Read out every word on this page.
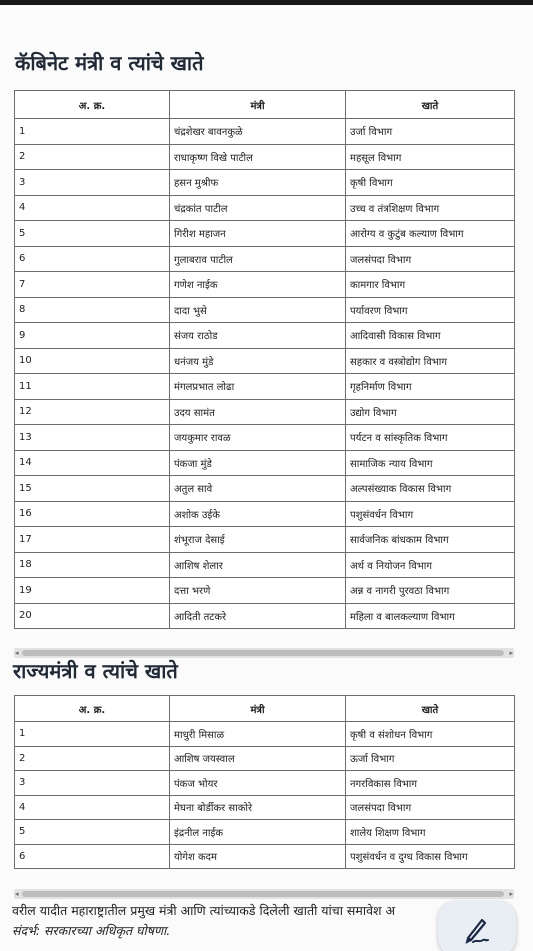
कॅबिनेट मंत्री व त्यांचे खाते
अ. क्र.	मंत्री	खाते
1	चंद्रशेखर बावनकुळे	उर्जा विभाग
2	राधाकृष्ण विखे पाटील	महसूल विभाग
3	हसन मुश्रीफ	कृषी विभाग
4	चंद्रकांत पाटील	उच्च व तंत्रशिक्षण विभाग
5	गिरीश महाजन	आरोग्य व कुटुंब कल्याण विभाग
6	गुलाबराव पाटील	जलसंपदा विभाग
7	गणेश नाईक	कामगार विभाग
8	दादा भुसे	पर्यावरण विभाग
9	संजय राठोड	आदिवासी विकास विभाग
10	धनंजय मुंडे	सहकार व वस्त्रोद्योग विभाग
11	मंगलप्रभात लोढा	गृहनिर्माण विभाग
12	उदय सामंत	उद्योग विभाग
13	जयकुमार रावळ	पर्यटन व सांस्कृतिक विभाग
14	पंकजा मुंडे	सामाजिक न्याय विभाग
15	अतुल सावे	अल्पसंख्याक विकास विभाग
16	अशोक उईके	पशुसंवर्धन विभाग
17	शंभूराज देसाई	सार्वजनिक बांधकाम विभाग
18	आशिष शेलार	अर्थ व नियोजन विभाग
19	दत्ता भरणे	अन्न व नागरी पुरवठा विभाग
20	आदिती तटकरे	महिला व बालकल्याण विभाग
◂	▸
राज्यमंत्री व त्यांचे खाते
अ. क्र.	मंत्री	खाते
1	माधुरी मिसाळ	कृषी व संशोधन विभाग
2	आशिष जयस्वाल	ऊर्जा विभाग
3	पंकज भोयर	नगरविकास विभाग
4	मेघना बोर्डीकर साकोरे	जलसंपदा विभाग
5	इंद्रनील नाईक	शालेय शिक्षण विभाग
6	योगेश कदम	पशुसंवर्धन व दुग्ध विकास विभाग
◂	▸
वरील यादीत महाराष्ट्रातील प्रमुख मंत्री आणि त्यांच्याकडे दिलेली खाती यांचा समावेश अ
संदर्भ: सरकारच्या अधिकृत घोषणा.
